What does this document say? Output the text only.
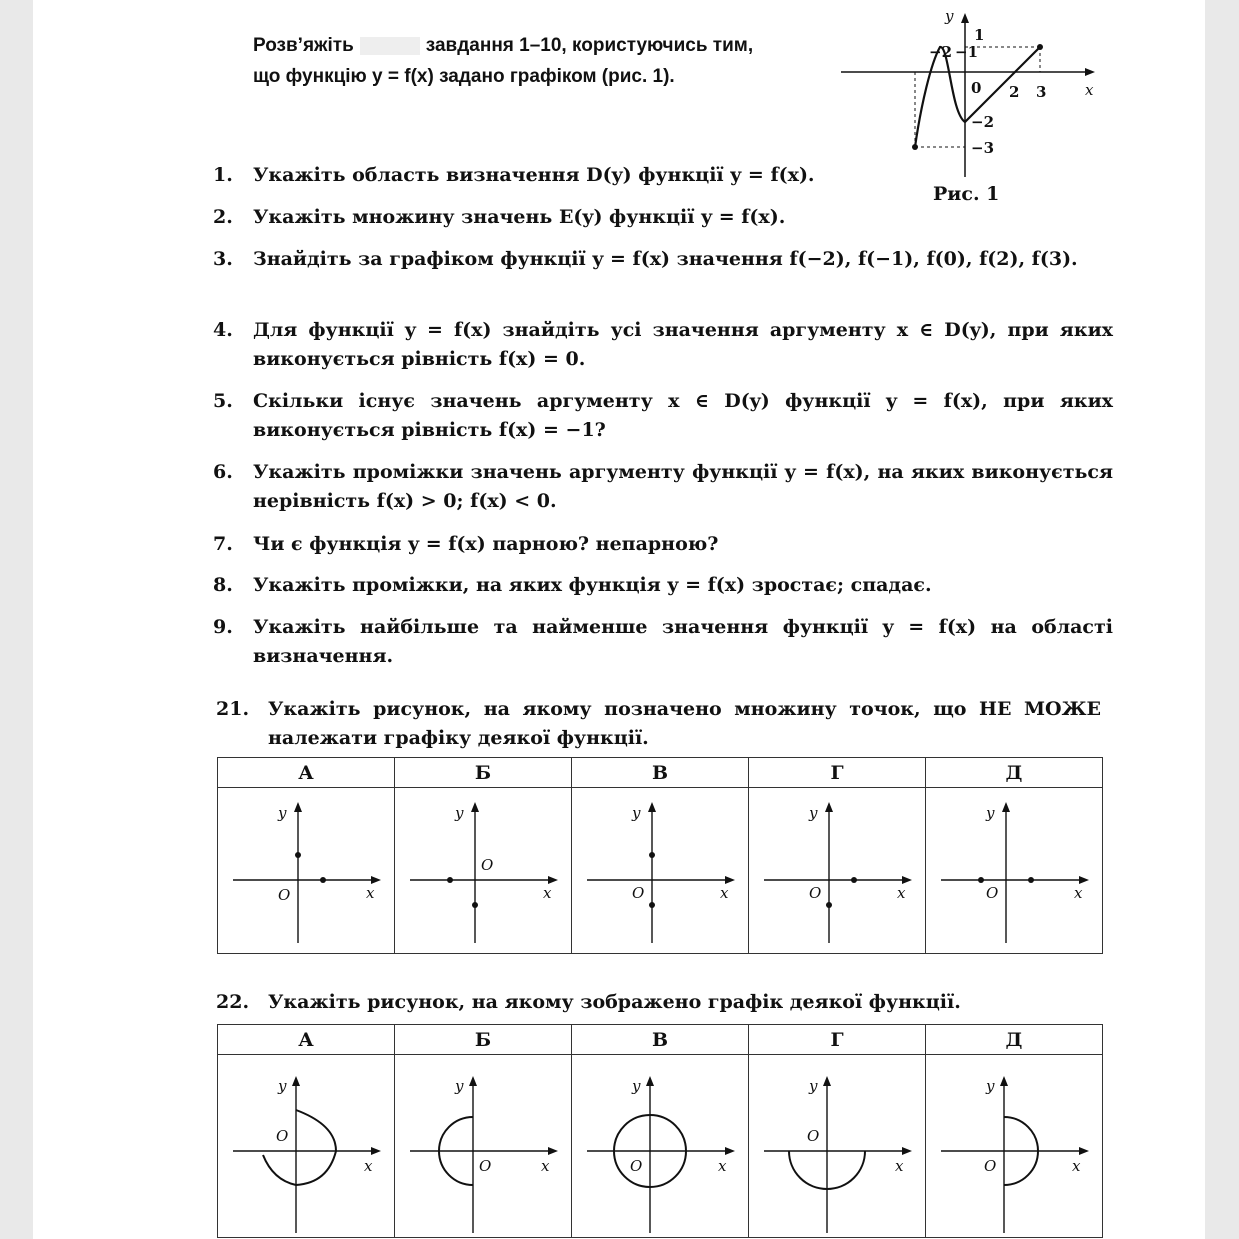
Розв’яжіть	завдання 1–10, користуючись тим,
що функцію y = f(x) задано графіком (рис. 1).
−2 −1
0 2 3
1
−2
−3
x
y
Рис. 1
1.	Укажіть область визначення D(y) функції y = f(x).
2.	Укажіть множину значень E(y) функції y = f(x).
3.	Знайдіть за графіком функції y = f(x) значення f(−2), f(−1), f(0), f(2), f(3).
4.	Для функції y = f(x) знайдіть усі значення аргументу x ∈ D(y), при яких виконується рівність f(x) = 0.
5.	Скільки існує значень аргументу x ∈ D(y) функції y = f(x), при яких виконується рівність f(x) = −1?
6.	Укажіть проміжки значень аргументу функції y = f(x), на яких виконується нерівність f(x) > 0; f(x) < 0.
7.	Чи є функція y = f(x) парною? непарною?
8.	Укажіть проміжки, на яких функція y = f(x) зростає; спадає.
9.	Укажіть найбільше та найменше значення функції y = f(x) на області визначення.
21. Укажіть рисунок, на якому позначено множину точок, що НЕ МОЖЕ належати графіку деякої функції.
А	Б	В	Г	Д

y
x
O	y
x
O	y
x
O	y
x
O	y
x
O
22. Укажіть рисунок, на якому зображено графік деякої функції.
А	Б	В	Г	Д

y
x
O	y
x
O	y
x
O	y
x
O	y
x
O
